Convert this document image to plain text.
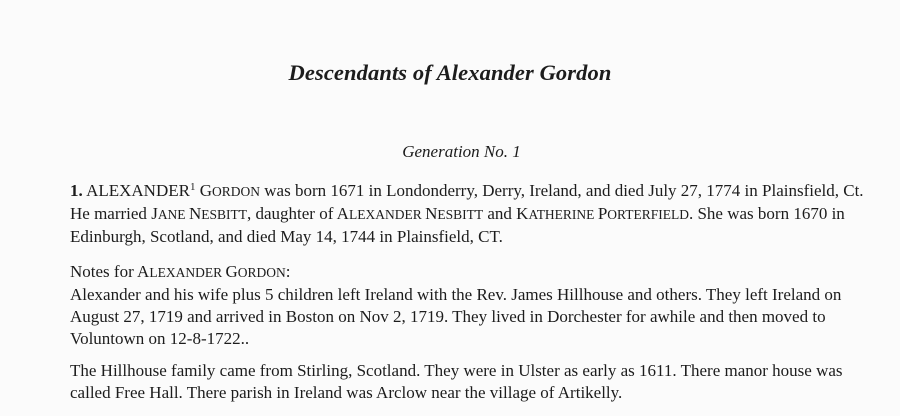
Descendants of Alexander Gordon
Generation No. 1
1. ALEXANDER$^1$ GORDON was born 1671 in Londonderry, Derry, Ireland, and died July 27, 1774 in Plainsfield, Ct. He married JANE NESBITT, daughter of ALEXANDER NESBITT and KATHERINE PORTERFIELD. She was born 1670 in Edinburgh, Scotland, and died May 14, 1744 in Plainsfield, CT.
Notes for ALEXANDER GORDON:
Alexander and his wife plus 5 children left Ireland with the Rev. James Hillhouse and others. They left Ireland on August 27, 1719 and arrived in Boston on Nov 2, 1719. They lived in Dorchester for awhile and then moved to Voluntown on 12-8-1722..
The Hillhouse family came from Stirling, Scotland. They were in Ulster as early as 1611. There manor house was called Free Hall. There parish in Ireland was Arclow near the village of Artikelly.
